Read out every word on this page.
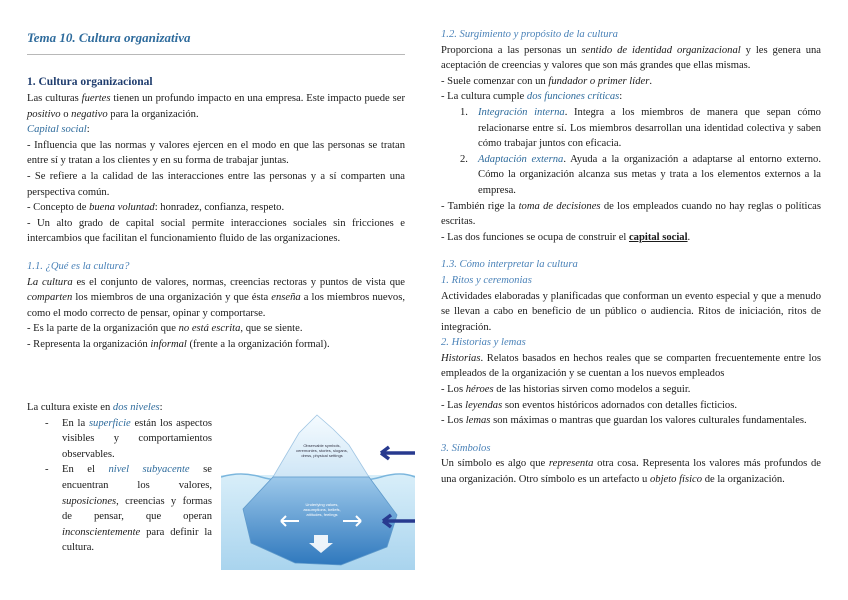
Tema 10. Cultura organizativa
1. Cultura organizacional

Las culturas fuertes tienen un profundo impacto en una empresa. Este impacto puede ser positivo o negativo para la organización.

Capital social:

- Influencia que las normas y valores ejercen en el modo en que las personas se tratan entre sí y tratan a los clientes y en su forma de trabajar juntas.

- Se refiere a la calidad de las interacciones entre las personas y a sí comparten una perspectiva común.

- Concepto de buena voluntad: honradez, confianza, respeto.

- Un alto grado de capital social permite interacciones sociales sin fricciones e intercambios que facilitan el funcionamiento fluido de las organizaciones.

1.1. ¿Qué es la cultura?

La cultura es el conjunto de valores, normas, creencias rectoras y puntos de vista que comparten los miembros de una organización y que ésta enseña a los miembros nuevos, como el modo correcto de pensar, opinar y comportarse.

- Es la parte de la organización que no está escrita, que se siente.

- Representa la organización informal (frente a la organización formal).

La cultura existe en dos niveles:

- En la superficie están los aspectos visibles y comportamientos observables.

- En el nivel subyacente se encuentran los valores, suposiciones, creencias y formas de pensar, que operan inconscientemente para definir la cultura.

Observable symbols, ceremonies, stories, slogans, dress, physical settings
Underlying values, assumptions, beliefs, attitudes, feelings
1.2. Surgimiento y propósito de la cultura

Proporciona a las personas un sentido de identidad organizacional y les genera una aceptación de creencias y valores que son más grandes que ellas mismas.

- Suele comenzar con un fundador o primer líder.

- La cultura cumple dos funciones críticas:

1. Integración interna. Integra a los miembros de manera que sepan cómo relacionarse entre sí. Los miembros desarrollan una identidad colectiva y saben cómo trabajar juntos con eficacia.

2. Adaptación externa. Ayuda a la organización a adaptarse al entorno externo. Cómo la organización alcanza sus metas y trata a los elementos externos a la empresa.

- También rige la toma de decisiones de los empleados cuando no hay reglas o políticas escritas.

- Las dos funciones se ocupa de construir el capital social.

1.3. Cómo interpretar la cultura
1. Ritos y ceremonias

Actividades elaboradas y planificadas que conforman un evento especial y que a menudo se llevan a cabo en beneficio de un público o audiencia. Ritos de iniciación, ritos de integración.

2. Historias y lemas

Historias. Relatos basados en hechos reales que se comparten frecuentemente entre los empleados de la organización y se cuentan a los nuevos empleados

- Los héroes de las historias sirven como modelos a seguir.

- Las leyendas son eventos históricos adornados con detalles ficticios.

- Los lemas son máximas o mantras que guardan los valores culturales fundamentales.

3. Símbolos

Un símbolo es algo que representa otra cosa. Representa los valores más profundos de una organización. Otro símbolo es un artefacto u objeto físico de la organización.
